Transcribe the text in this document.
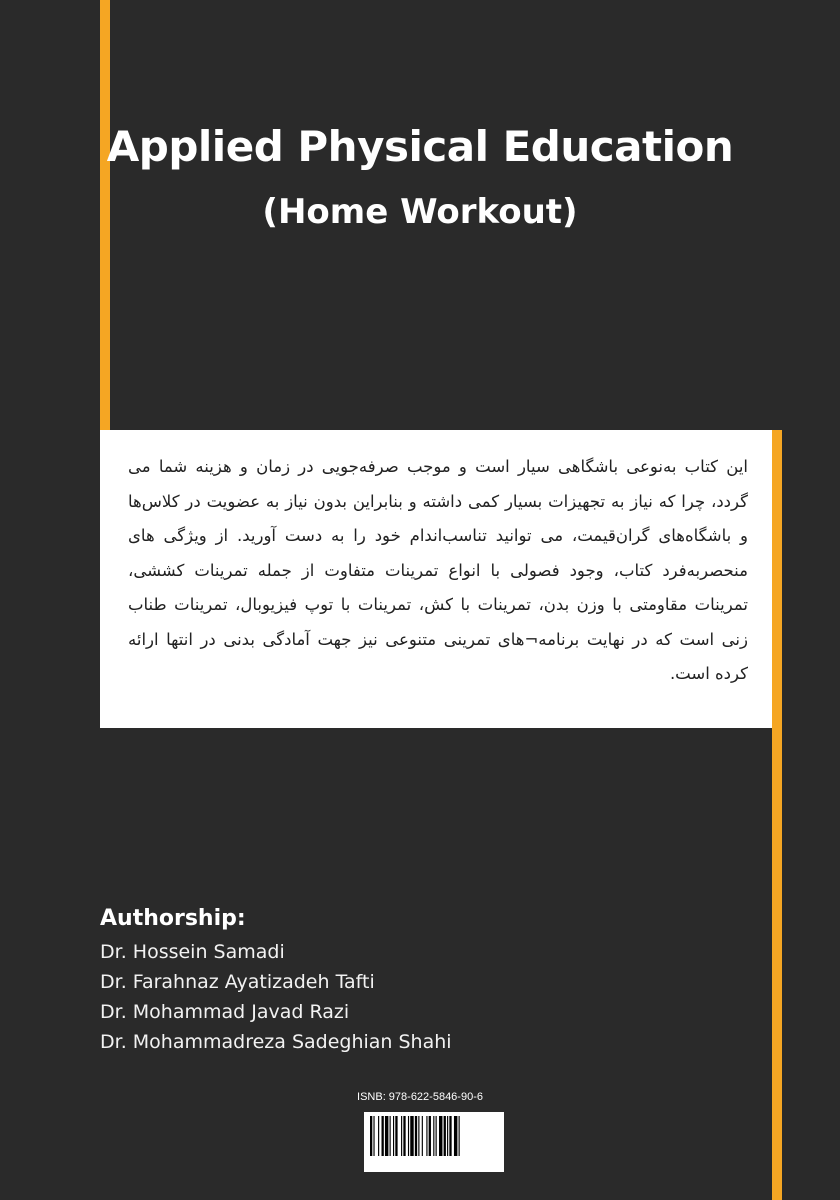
Applied Physical Education
(Home Workout)

این کتاب به‌نوعی باشگاهی سیار است و موجب صرفه‌جویی در زمان و هزینه شما می گردد، چرا که نیاز به تجهیزات بسیار کمی داشته و بنابراین بدون نیاز به عضویت در کلاس‌ها و باشگاه‌های گران‌قیمت، می توانید تناسب‌اندام خود را به دست آورید. از ویژگی های منحصربه‌فرد کتاب، وجود فصولی با انواع تمرینات متفاوت از جمله تمرینات کششی، تمرینات مقاومتی با وزن بدن، تمرینات با کش، تمرینات با توپ فیزیوبال، تمرینات طناب زنی است که در نهایت برنامه¬های تمرینی متنوعی نیز جهت آمادگی بدنی در انتها ارائه کرده است.

Authorship:
Dr. Hossein Samadi
Dr. Farahnaz Ayatizadeh Tafti
Dr. Mohammad Javad Razi
Dr. Mohammadreza Sadeghian Shahi
ISNB: 978-622-5846-90-6
9 786225	846906
